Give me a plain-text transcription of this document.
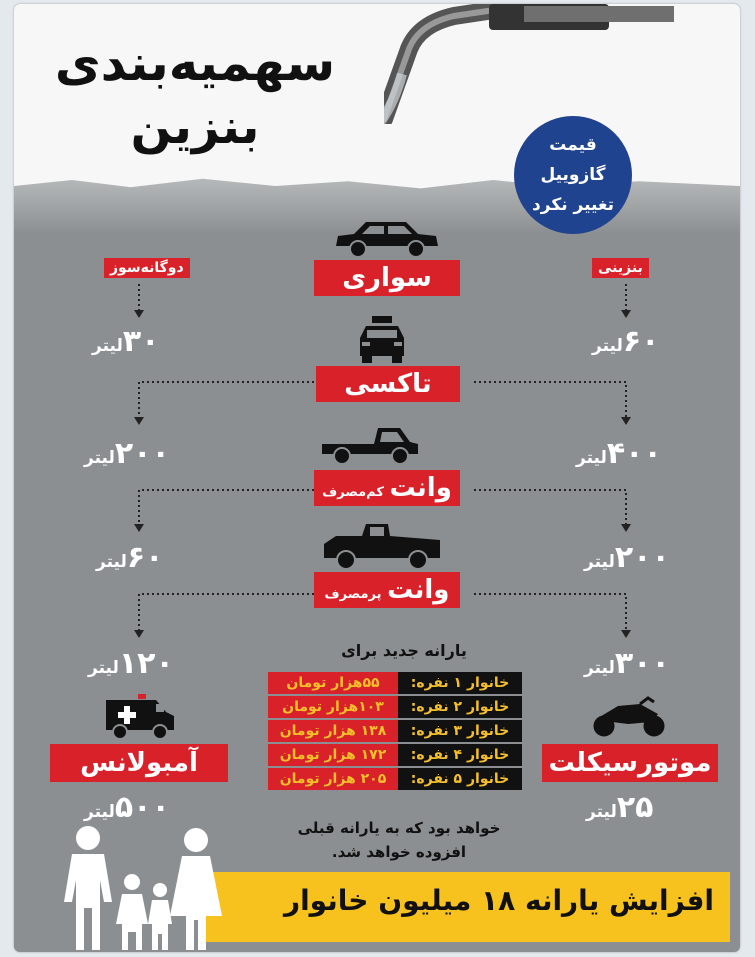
سهمیه‌بندی
بنزین	قیمت گازوییل
تغییر نکرد
دوگانه‌سوز	بنزینی
سواری
۳۰لیتر	۶۰لیتر
تاکسی
۲۰۰لیتر	۴۰۰لیتر
وانت کم‌مصرف
۶۰لیتر	۲۰۰لیتر
وانت پرمصرف
۱۲۰لیتر	۳۰۰لیتر
آمبولانس
۵۰۰لیتر
موتورسیکلت
۲۵لیتر
یارانه جدید برای
۵۵هزار تومان	خانوار ۱ نفره:
۱۰۳هزار تومان	خانوار ۲ نفره:
۱۳۸ هزار تومان	خانوار ۳ نفره:
۱۷۲ هزار تومان	خانوار ۴ نفره:
۲۰۵ هزار تومان	خانوار ۵ نفره:
خواهد بود که به یارانه قبلی
افزوده خواهد شد.
افزایش یارانه ۱۸ میلیون خانوار
